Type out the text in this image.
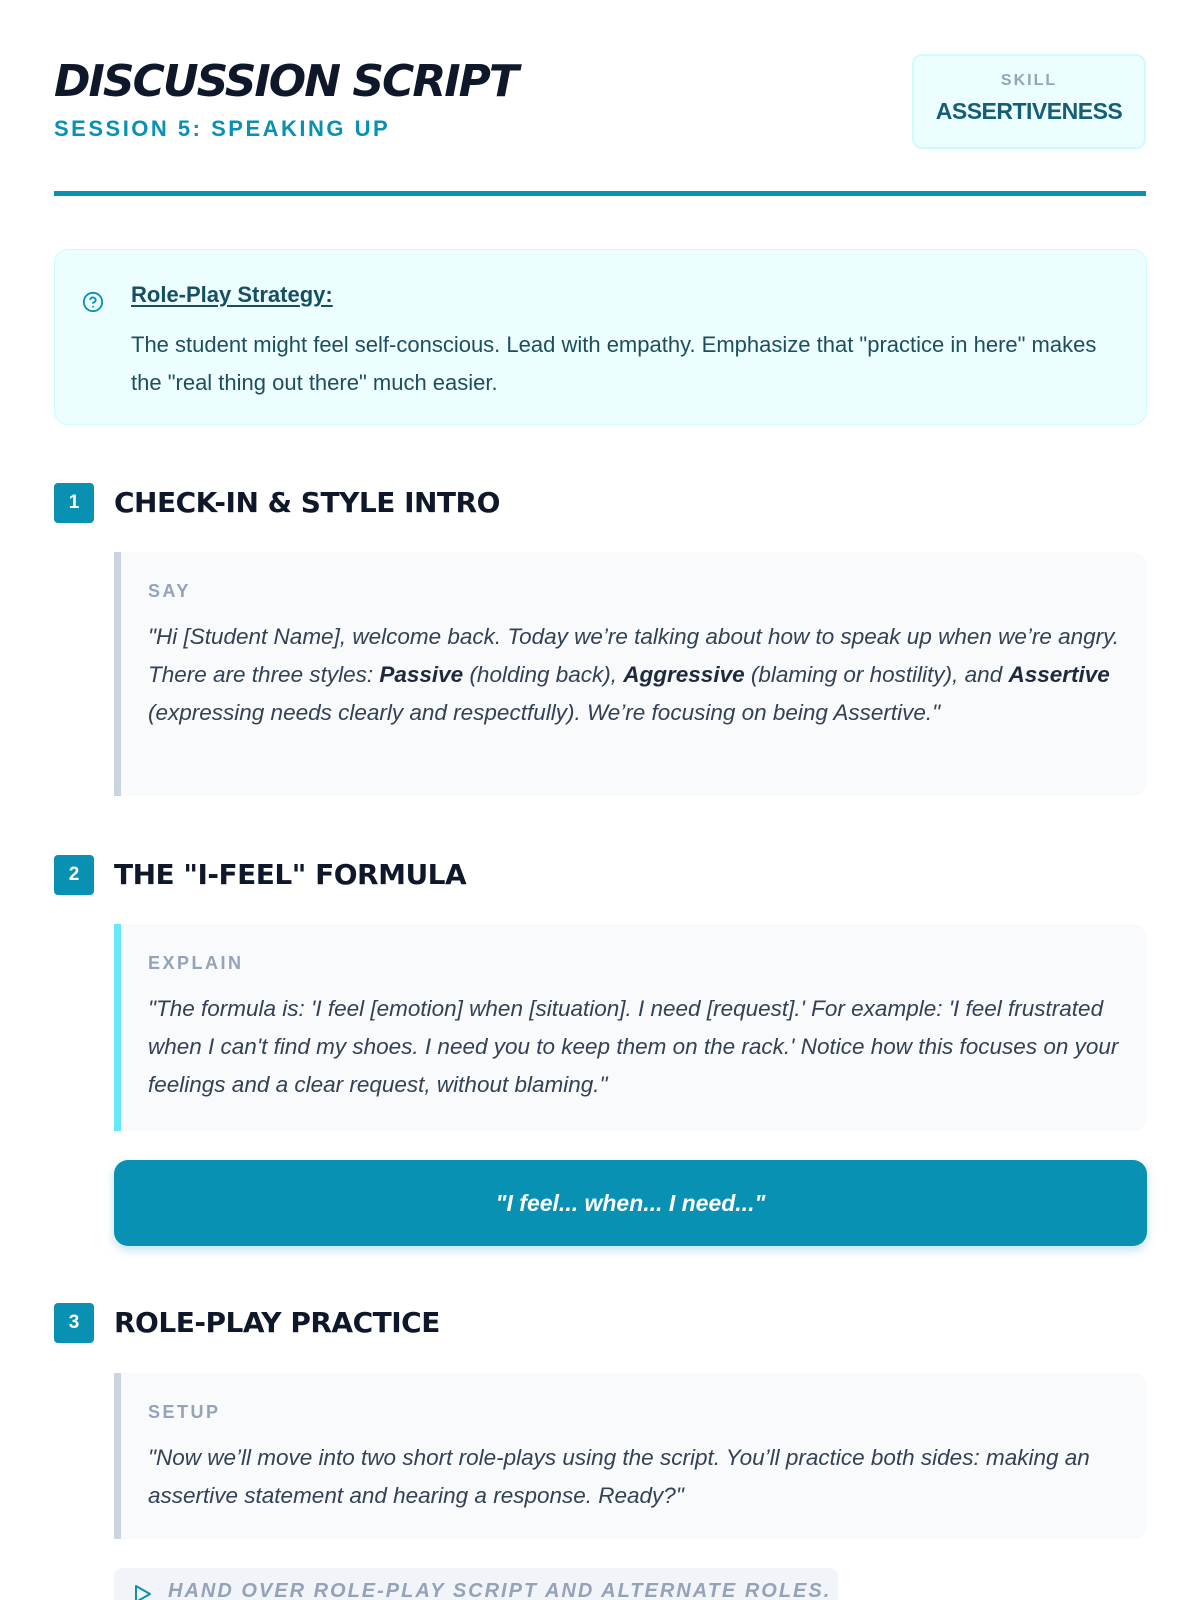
DISCUSSION SCRIPT
SESSION 5: SPEAKING UP
SKILL
ASSERTIVENESS
Role-Play Strategy:
The student might feel self-conscious. Lead with empathy. Emphasize that "practice in here" makes the "real thing out there" much easier.
1	CHECK-IN & STYLE INTRO
SAY
"Hi [Student Name], welcome back. Today we’re talking about how to speak up when we’re angry. There are three styles: Passive (holding back), Aggressive (blaming or hostility), and Assertive (expressing needs clearly and respectfully). We’re focusing on being Assertive."
2	THE "I-FEEL" FORMULA
EXPLAIN
"The formula is: 'I feel [emotion] when [situation]. I need [request].' For example: 'I feel frustrated when I can't find my shoes. I need you to keep them on the rack.' Notice how this focuses on your feelings and a clear request, without blaming."
"I feel... when... I need..."
3	ROLE-PLAY PRACTICE
SETUP
"Now we’ll move into two short role-plays using the script. You’ll practice both sides: making an assertive statement and hearing a response. Ready?"
HAND OVER ROLE-PLAY SCRIPT AND ALTERNATE ROLES.
